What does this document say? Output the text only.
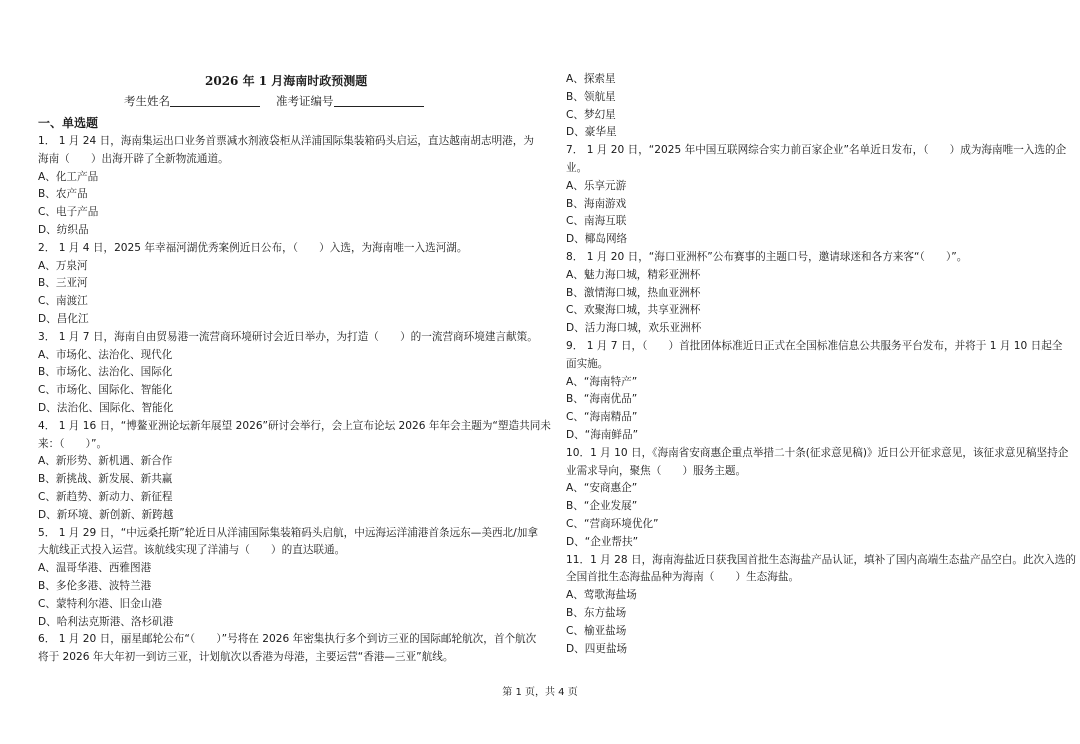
2026 年 1 月海南时政预测题
考生姓名	准考证编号
一、单选题
1． 1 月 24 日，海南集运出口业务首票减水剂液袋柜从洋浦国际集装箱码头启运，直达越南胡志明港，为
海南（　　）出海开辟了全新物流通道。
A、化工产品
B、农产品
C、电子产品
D、纺织品
2． 1 月 4 日，2025 年幸福河湖优秀案例近日公布，（　　）入选，为海南唯一入选河湖。
A、万泉河
B、三亚河
C、南渡江
D、昌化江
3． 1 月 7 日，海南自由贸易港一流营商环境研讨会近日举办，为打造（　　）的一流营商环境建言献策。
A、市场化、法治化、现代化
B、市场化、法治化、国际化
C、市场化、国际化、智能化
D、法治化、国际化、智能化
4． 1 月 16 日，“博鳌亚洲论坛新年展望 2026”研讨会举行，会上宣布论坛 2026 年年会主题为“塑造共同未
来：（　　）”。
A、新形势、新机遇、新合作
B、新挑战、新发展、新共赢
C、新趋势、新动力、新征程
D、新环境、新创新、新跨越
5． 1 月 29 日，“中远桑托斯”轮近日从洋浦国际集装箱码头启航，中远海运洋浦港首条远东—美西北/加拿
大航线正式投入运营。该航线实现了洋浦与（　　）的直达联通。
A、温哥华港、西雅图港
B、多伦多港、波特兰港
C、蒙特利尔港、旧金山港
D、哈利法克斯港、洛杉矶港
6． 1 月 20 日，丽星邮轮公布“（　　）”号将在 2026 年密集执行多个到访三亚的国际邮轮航次，首个航次
将于 2026 年大年初一到访三亚，计划航次以香港为母港，主要运营“香港—三亚”航线。
A、探索星
B、领航星
C、梦幻星
D、豪华星
7． 1 月 20 日，“2025 年中国互联网综合实力前百家企业”名单近日发布，（　　）成为海南唯一入选的企
业。
A、乐享元游
B、海南游戏
C、南海互联
D、椰岛网络
8． 1 月 20 日，“海口亚洲杯”公布赛事的主题口号，邀请球迷和各方来客“（　　）”。
A、魅力海口城，精彩亚洲杯
B、激情海口城，热血亚洲杯
C、欢聚海口城，共享亚洲杯
D、活力海口城，欢乐亚洲杯
9． 1 月 7 日，（　　）首批团体标准近日正式在全国标准信息公共服务平台发布，并将于 1 月 10 日起全
面实施。
A、“海南特产”
B、“海南优品”
C、“海南精品”
D、“海南鲜品”
10．1 月 10 日，《海南省安商惠企重点举措二十条(征求意见稿)》近日公开征求意见，该征求意见稿坚持企
业需求导向，聚焦（　　）服务主题。
A、“安商惠企”
B、“企业发展”
C、“营商环境优化”
D、“企业帮扶”
11．1 月 28 日，海南海盐近日获我国首批生态海盐产品认证，填补了国内高端生态盐产品空白。此次入选的
全国首批生态海盐品种为海南（　　）生态海盐。
A、莺歌海盐场
B、东方盐场
C、榆亚盐场
D、四更盐场
第 1 页，共 4 页
